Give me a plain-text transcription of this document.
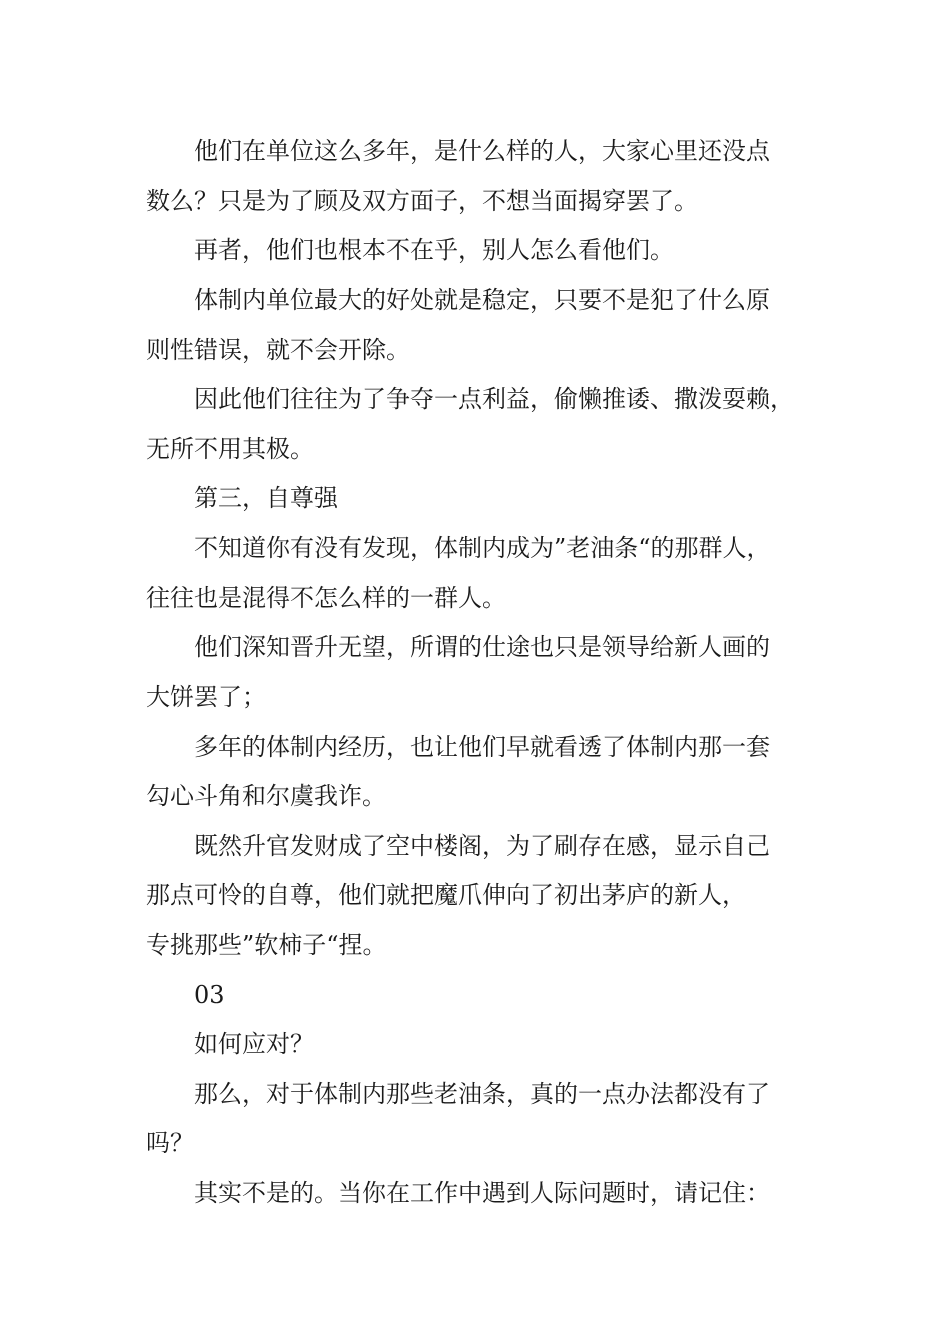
他们在单位这么多年，是什么样的人，大家心里还没点
数么？只是为了顾及双方面子，不想当面揭穿罢了。
再者，他们也根本不在乎，别人怎么看他们。
体制内单位最大的好处就是稳定，只要不是犯了什么原
则性错误，就不会开除。
因此他们往往为了争夺一点利益，偷懒推诿、撒泼耍赖，
无所不用其极。
第三，自尊强
不知道你有没有发现，体制内成为”老油条“的那群人，
往往也是混得不怎么样的一群人。
他们深知晋升无望，所谓的仕途也只是领导给新人画的
大饼罢了；
多年的体制内经历，也让他们早就看透了体制内那一套
勾心斗角和尔虞我诈。
既然升官发财成了空中楼阁，为了刷存在感，显示自己
那点可怜的自尊，他们就把魔爪伸向了初出茅庐的新人，
专挑那些”软柿子“捏。
03
如何应对？
那么，对于体制内那些老油条，真的一点办法都没有了
吗？
其实不是的。当你在工作中遇到人际问题时，请记住：
